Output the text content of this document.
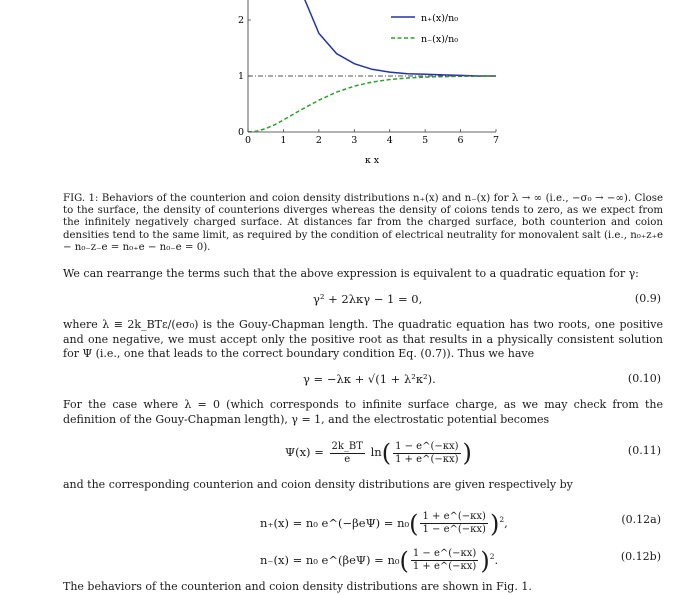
0	1	2	3	4	5	6	7
0
1
2	n₊(x)/n₀
n₋(x)/n₀
κ x
FIG. 1: Behaviors of the counterion and coion density distributions n₊(x) and n₋(x) for λ → ∞ (i.e., −σ₀ → −∞). Close to the surface, the density of counterions diverges whereas the density of coions tends to zero, as we expect from the infinitely negatively charged surface. At distances far from the charged surface, both counterion and coion densities tend to the same limit, as required by the condition of electrical neutrality for monovalent salt (i.e., n₀₊z₊e − n₀₋z₋e = n₀₊e − n₀₋e = 0).
We can rearrange the terms such that the above expression is equivalent to a quadratic equation for γ:
γ² + 2λκγ − 1 = 0,	(0.9)
where λ ≡ 2k_BTε/(eσ₀) is the Gouy-Chapman length. The quadratic equation has two roots, one positive and one negative, we must accept only the positive root as that results in a physically consistent solution for Ψ (i.e., one that leads to the correct boundary condition Eq. (0.7)). Thus we have
γ = −λκ + √(1 + λ²κ²).	(0.10)
For the case where λ = 0 (which corresponds to infinite surface charge, as we may check from the definition of the Gouy-Chapman length), γ = 1, and the electrostatic potential becomes
$\Psi(x) = \frac{2k\_BT}{e} \ln( \frac{1 - e\^{}(-\kappa x)}{1 + e\^{}(-\kappa x)}$ )	(0.11)
and the corresponding counterion and coion density distributions are given respectively by
n₊(x) = n₀ e^(−βeΨ) = $n_0( \frac{1 + e\^{}(-\kappa x)}{1 - e\^{}(-\kappa x)} )^2$,	(0.12a)
n₋(x) = n₀ e^(βeΨ) = $n_0( \frac{1 - e\^{}(-\kappa x)}{1 + e\^{}(-\kappa x)} )^2$.	(0.12b)
The behaviors of the counterion and coion density distributions are shown in Fig. 1.
